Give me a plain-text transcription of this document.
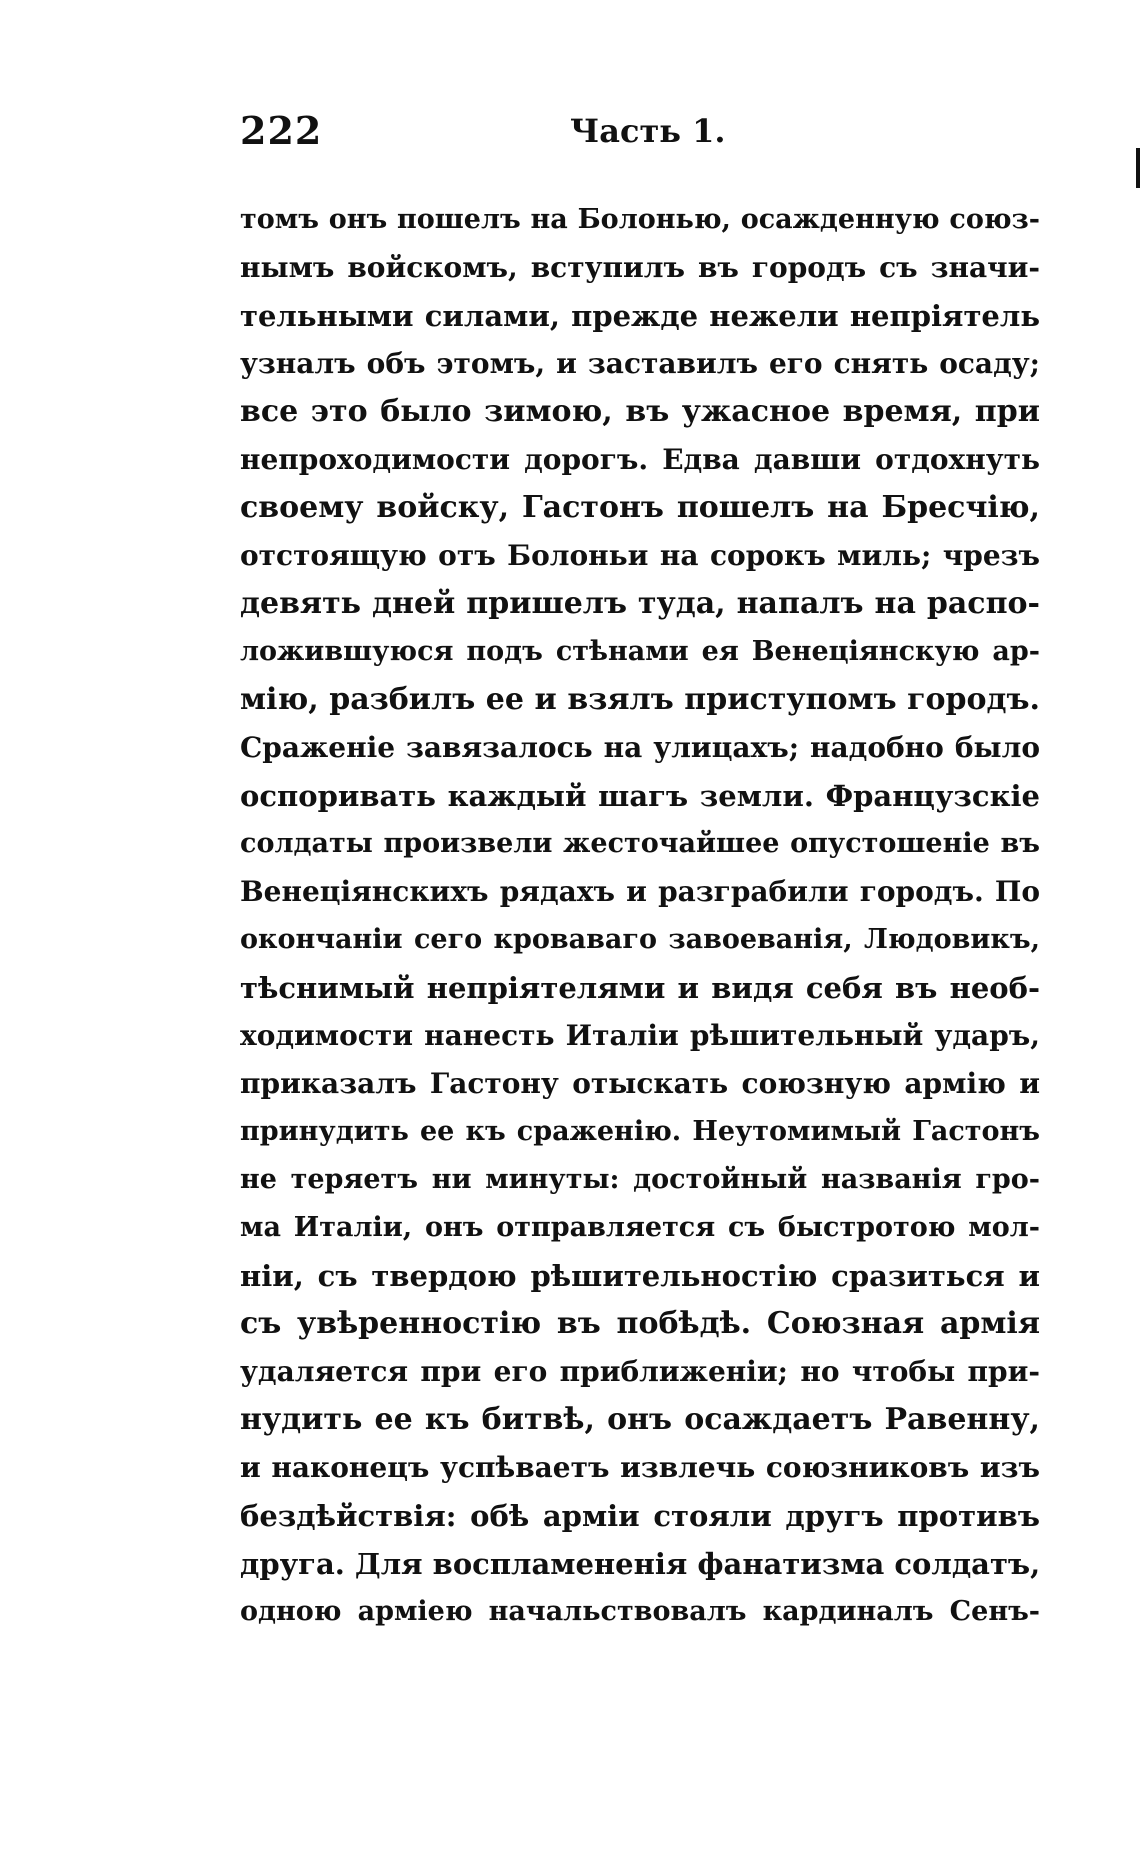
222	Часть 1.
томъ онъ пошелъ на Болонью, осажденную союз-
нымъ войскомъ, вступилъ въ городъ съ значи-
тельными силами, прежде нежели непріятель
узналъ объ этомъ, и заставилъ его снять осаду;
все это было зимою, въ ужасное время, при
непроходимости дорогъ. Едва давши отдохнуть
своему войску, Гастонъ пошелъ на Бресчію,
отстоящую отъ Болоньи на сорокъ миль; чрезъ
девять дней пришелъ туда, напалъ на распо-
ложившуюся подъ стѣнами ея Венеціянскую ар-
мію, разбилъ ее и взялъ приступомъ городъ.
Сраженіе завязалось на улицахъ; надобно было
оспоривать каждый шагъ земли. Французскіе
солдаты произвели жесточайшее опустошеніе въ
Венеціянскихъ рядахъ и разграбили городъ. По
окончаніи сего кроваваго завоеванія, Людовикъ,
тѣснимый непріятелями и видя себя въ необ-
ходимости нанесть Италіи рѣшительный ударъ,
приказалъ Гастону отыскать союзную армію и
принудить ее къ сраженію. Неутомимый Гастонъ
не теряетъ ни минуты: достойный названія гро-
ма Италіи, онъ отправляется съ быстротою мол-
ніи, съ твердою рѣшительностію сразиться и
съ увѣренностію въ побѣдѣ. Союзная армія
удаляется при его приближеніи; но чтобы при-
нудить ее къ битвѣ, онъ осаждаетъ Равенну,
и наконецъ успѣваетъ извлечь союзниковъ изъ
бездѣйствія: обѣ арміи стояли другъ противъ
друга. Для воспламененія фанатизма солдатъ,
одною арміею начальствовалъ кардиналъ Сенъ-
